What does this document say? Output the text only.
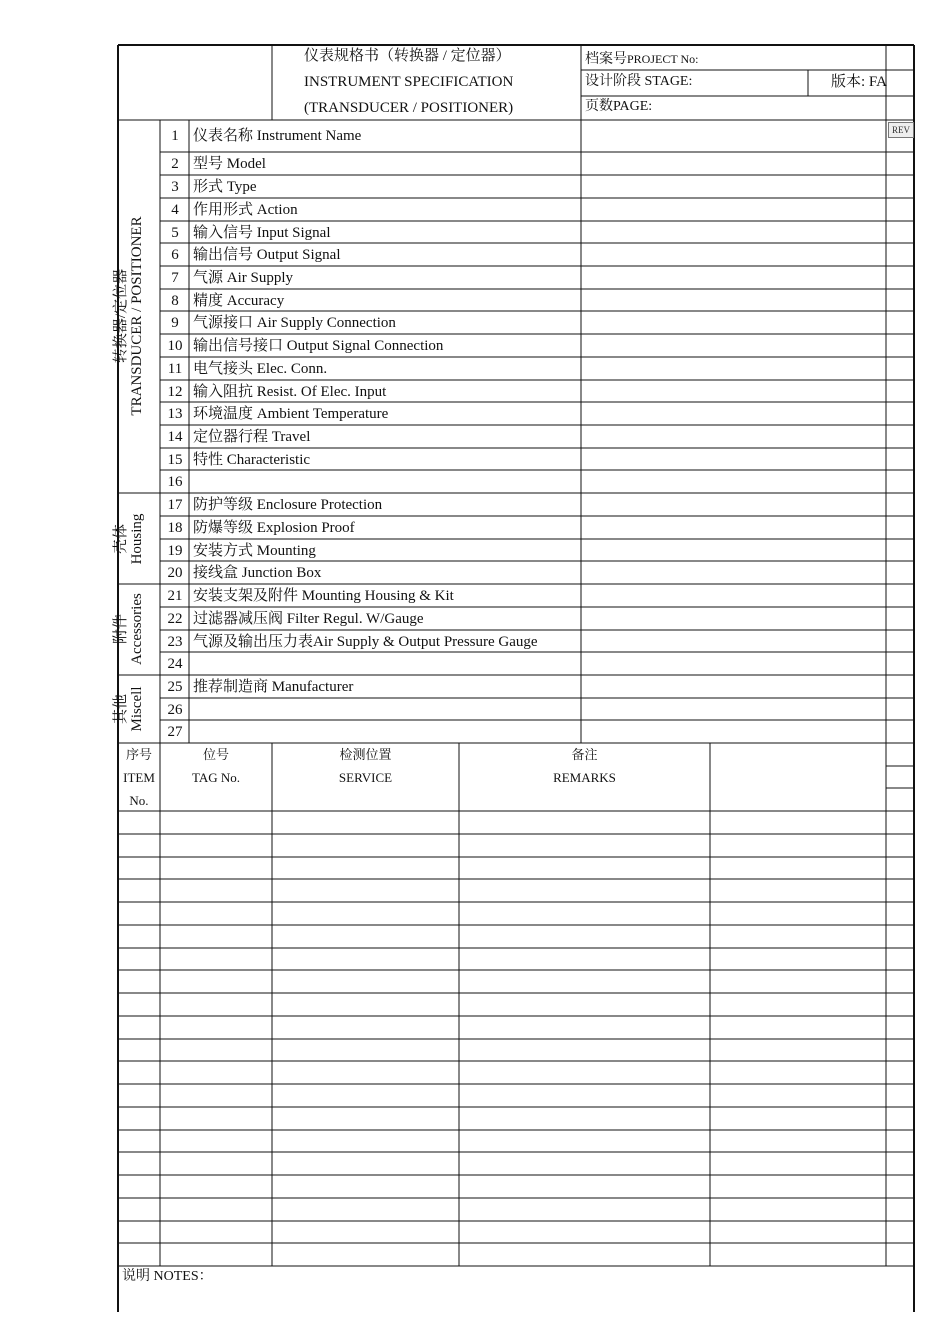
仪表规格书（转换器 / 定位器）
INSTRUMENT SPECIFICATION
(TRANSDUCER / POSITIONER)
档案号PROJECT No:
设计阶段 STAGE:	版本: FA
页数PAGE:
REV
转换器/定位器 TRANSDUCER / POSITIONER
壳体 Housing
附件 Accessories
其他 Miscell
1 仪表名称 Instrument Name
2 型号 Model
3 形式 Type
4 作用形式 Action
5 输入信号 Input Signal
6 输出信号 Output Signal
7 气源 Air Supply
8 精度 Accuracy
9 气源接口 Air Supply Connection
10 输出信号接口 Output Signal Connection
11 电气接头 Elec. Conn.
12 输入阻抗 Resist. Of Elec. Input
13 环境温度 Ambient Temperature
14 定位器行程 Travel
15 特性 Characteristic
16
17 防护等级 Enclosure Protection
18 防爆等级 Explosion Proof
19 安装方式 Mounting
20 接线盒 Junction Box
21 安装支架及附件 Mounting Housing & Kit
22 过滤器减压阀 Filter Regul. W/Gauge
23 气源及输出压力表Air Supply & Output Pressure Gauge
24
25 推荐制造商 Manufacturer
26
27
序号
ITEM
No.
位号
TAG No.
检测位置
SERVICE
备注
REMARKS
说明 NOTES：
